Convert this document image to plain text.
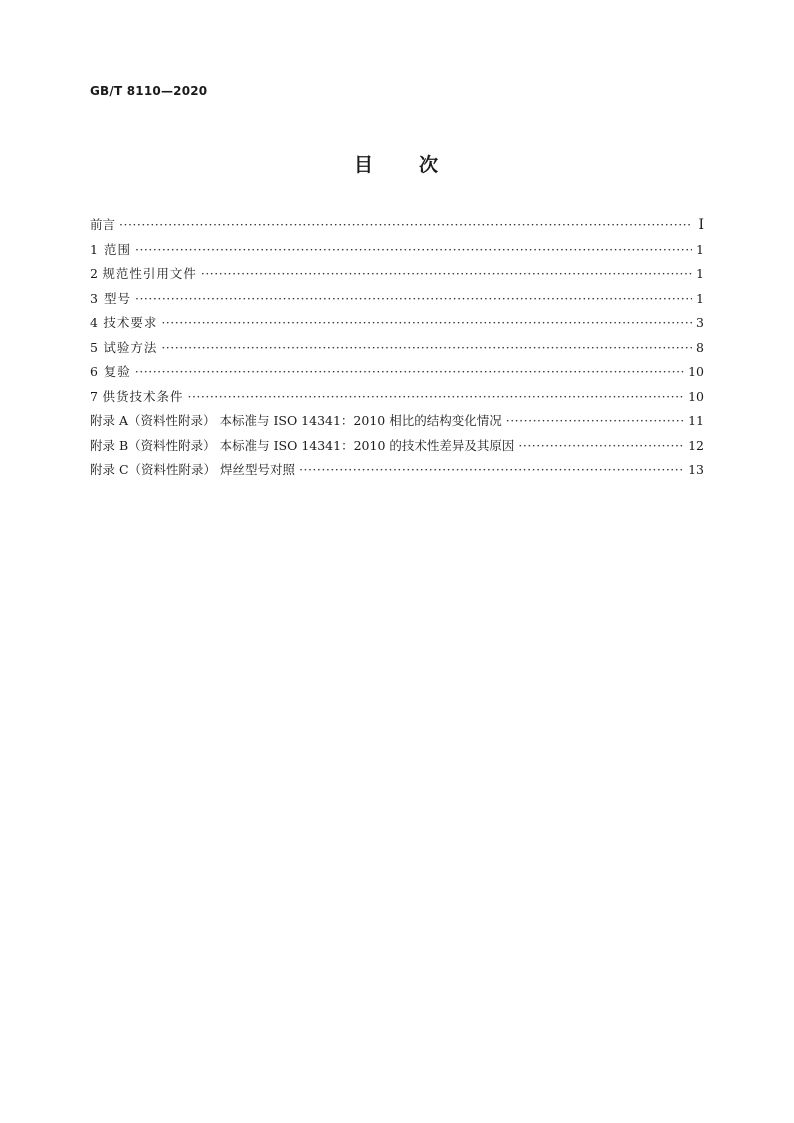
GB/T 8110—2020
目 次
前言 ·····	Ⅰ
1 范围 ·····	1
2 规范性引用文件 ·····	1
3 型号 ·····	1
4 技术要求 ·····	3
5 试验方法 ·····	8
6 复验 ·····	10
7 供货技术条件 ·····	10
附录 A（资料性附录） 本标准与 ISO 14341：2010 相比的结构变化情况 ·····	11
附录 B（资料性附录） 本标准与 ISO 14341：2010 的技术性差异及其原因 ·····	12
附录 C（资料性附录） 焊丝型号对照 ·····	13
